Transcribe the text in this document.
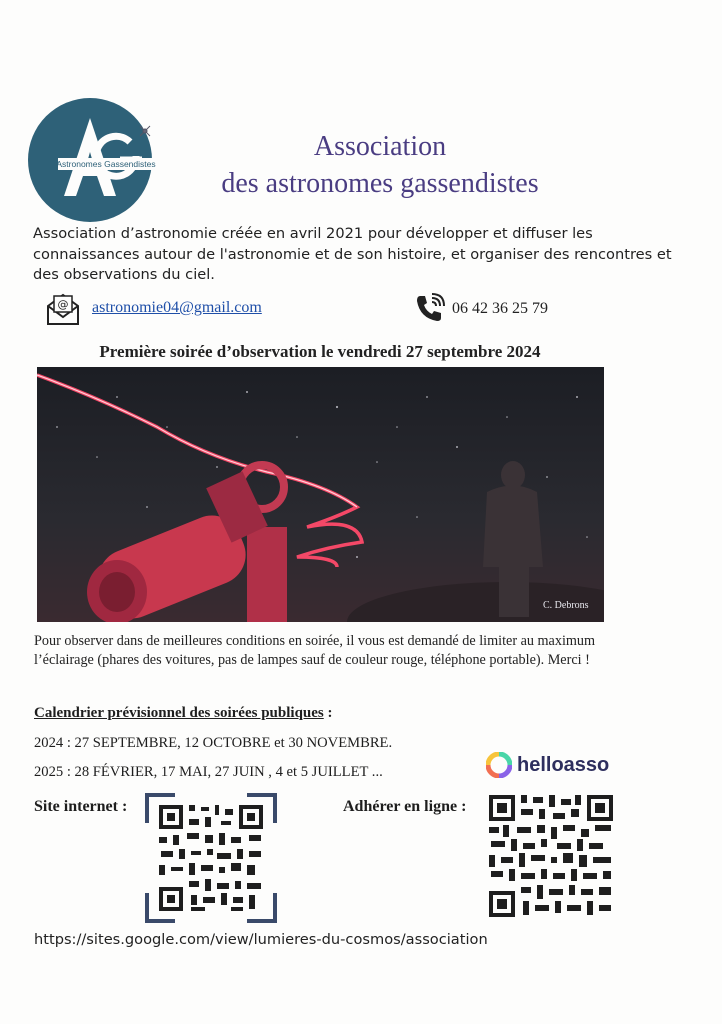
Astronomes Gassendistes
Association
des astronomes gassendistes
Association d’astronomie créée en avril 2021 pour développer et diffuser les connaissances autour de l'astronomie et de son histoire, et organiser des rencontres et des observations du ciel.
@ astronomie04@gmail.com	06 42 36 25 79
Première soirée d’observation le vendredi 27 septembre 2024
C. Debrons
Pour observer dans de meilleures conditions en soirée, il vous est demandé de limiter au maximum l’éclairage (phares des voitures, pas de lampes sauf de couleur rouge, téléphone portable). Merci !
Calendrier prévisionnel des soirées publiques :
2024 : 27 SEPTEMBRE, 12 OCTOBRE et 30 NOVEMBRE.
2025 : 28 FÉVRIER, 17 MAI, 27 JUIN , 4 et 5 JUILLET ...	helloasso
Site internet :	Adhérer en ligne :
https://sites.google.com/view/lumieres-du-cosmos/association
